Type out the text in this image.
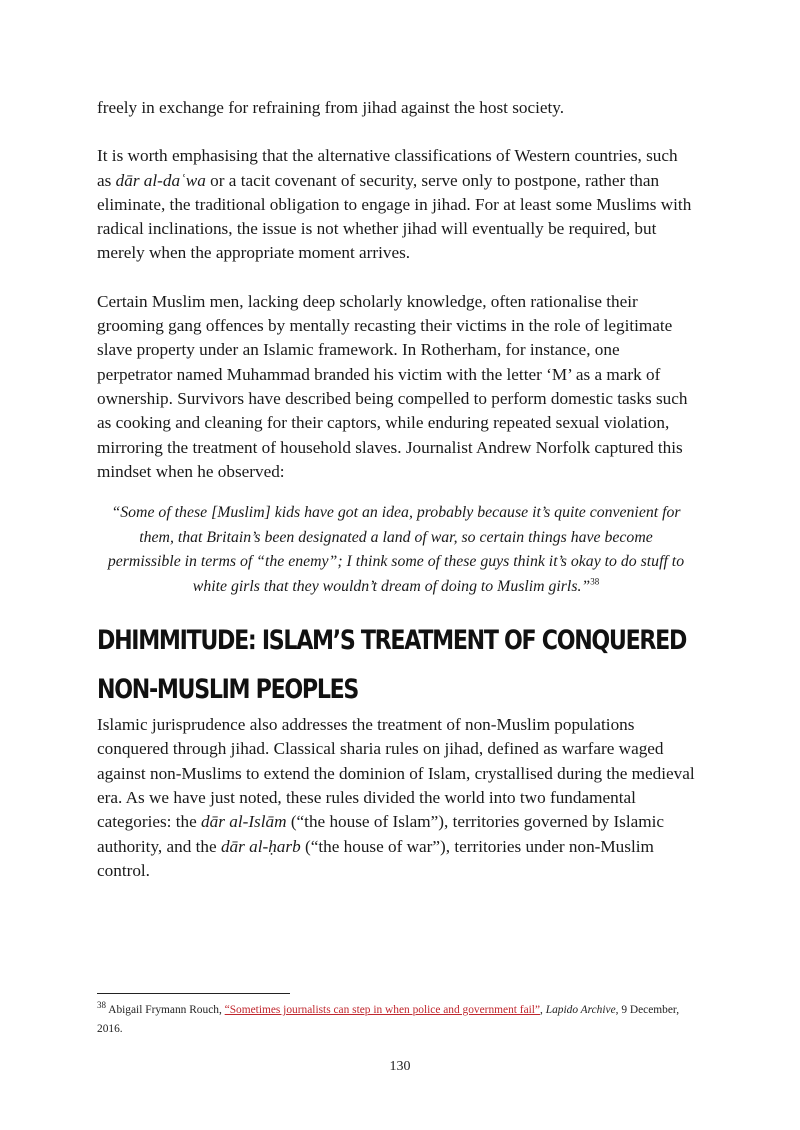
freely in exchange for refraining from jihad against the host society.

It is worth emphasising that the alternative classifications of Western countries, such as dār al-daʿwa or a tacit covenant of security, serve only to postpone, rather than eliminate, the traditional obligation to engage in jihad. For at least some Muslims with radical inclinations, the issue is not whether jihad will eventually be required, but merely when the appropriate moment arrives.

Certain Muslim men, lacking deep scholarly knowledge, often rationalise their grooming gang offences by mentally recasting their victims in the role of legitimate slave property under an Islamic framework. In Rotherham, for instance, one perpetrator named Muhammad branded his victim with the letter ‘M’ as a mark of ownership. Survivors have described being compelled to perform domestic tasks such as cooking and cleaning for their captors, while enduring repeated sexual violation, mirroring the treatment of household slaves. Journalist Andrew Norfolk captured this mindset when he observed:

“Some of these [Muslim] kids have got an idea, probably because it’s quite convenient for them, that Britain’s been designated a land of war, so certain things have become permissible in terms of “the enemy”; I think some of these guys think it’s okay to do stuff to white girls that they wouldn’t dream of doing to Muslim girls.”$^{38}$

DHIMMITUDE: ISLAM’S TREATMENT OF CONQUERED
NON-MUSLIM PEOPLES

Islamic jurisprudence also addresses the treatment of non-Muslim populations conquered through jihad. Classical sharia rules on jihad, defined as warfare waged against non-Muslims to extend the dominion of Islam, crystallised during the medieval era. As we have just noted, these rules divided the world into two fundamental categories: the dār al-Islām (“the house of Islam”), territories governed by Islamic authority, and the dār al-ḥarb (“the house of war”), territories under non-Muslim control.

$^{38}$ Abigail Frymann Rouch, “Sometimes journalists can step in when police and government fail”, Lapido Archive, 9 December, 2016.
130
